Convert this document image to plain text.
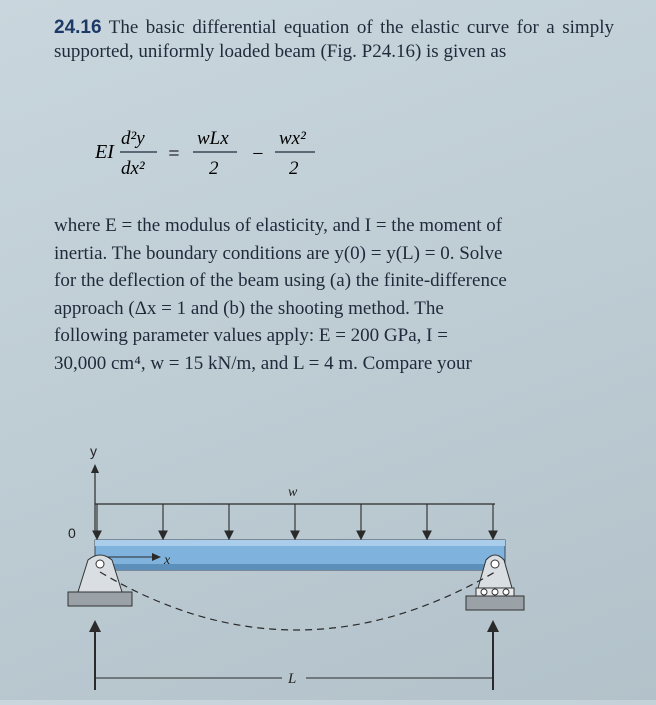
24.16 The basic differential equation of the elastic curve for a simply supported, uniformly loaded beam (Fig. P24.16) is given as
EI
d²y
dx²
=
wLx
2
−
wx²
2
where E = the modulus of elasticity, and I = the moment of
inertia. The boundary conditions are y(0) = y(L) = 0. Solve
for the deflection of the beam using (a) the finite-difference
approach (Δx = 1 and (b) the shooting method. The
following parameter values apply: E = 200 GPa, I =
30,000 cm⁴, w = 15 kN/m, and L = 4 m. Compare your
y
0
w
x
L
